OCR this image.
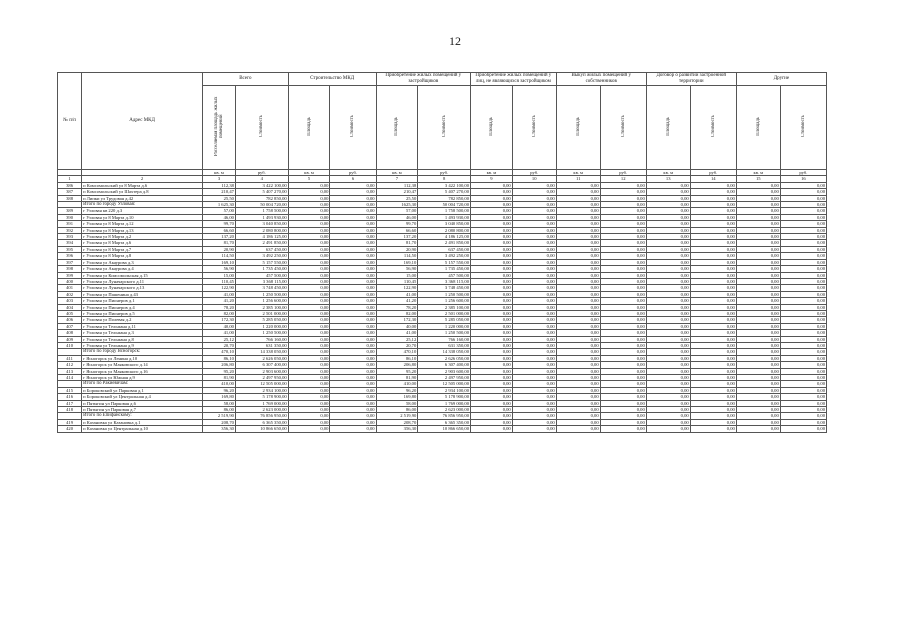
12
№ п/п	Адрес МКД	Всего		Строительство МКД		Приобретение жилых помещений у застройщиков		Приобретение жилых помещений у лиц, не являющихся застройщиком		Выкуп жилых помещений у собственников		Договор о развитии застроенной территории		Другие	
		Расселяемая площадь жилых помещений	Стоимость	Площадь	Стоимость	Площадь	Стоимость	Площадь	Стоимость	Площадь	Стоимость	Площадь	Стоимость	Площадь	Стоимость
		кв. м	руб.	кв. м	руб.	кв. м	руб.	кв. м	руб.	кв. м	руб.	кв. м	руб.	кв. м	руб.
1	2	3	4	5	6	7	8	9	10	11	12	13	14	15	16
386	п Комсомольский ул 8 Марта д.6	112,38	3 422 100,00	0,00	0,00	112,38	3 422 100,00	0,00	0,00	0,00	0,00	0,00	0,00	0,00	0,00
387	п Комсомольский ул Шахтера д.8	210,47	5 407 270,00	0,00	0,00	210,47	5 407 270,00	0,00	0,00	0,00	0,00	0,00	0,00	0,00	0,00
388	п Липки ул Трудовая д.42	25,50	782 850,00	0,00	0,00	25,50	782 850,00	0,00	0,00	0,00	0,00	0,00	0,00	0,00	0,00
	Итого по городу Узловая:	1 625,30	50 004 720,00	0,00	0,00	1625,30	50 004 720,00	0,00	0,00	0,00	0,00	0,00	0,00	0,00	0,00
389	г Узловая кв 220 д.3	57,00	1 758 500,00	0,00	0,00	57,00	1 758 500,00	0,00	0,00	0,00	0,00	0,00	0,00	0,00	0,00
390	г Узловая ул 8 Марта д.10	46,00	1 493 930,00	0,00	0,00	46,00	1 493 930,00	0,00	0,00	0,00	0,00	0,00	0,00	0,00	0,00
391	г Узловая ул 8 Марта д.12	99,70	3 040 850,00	0,00	0,00	99,70	3 040 850,00	0,00	0,00	0,00	0,00	0,00	0,00	0,00	0,00
392	г Узловая ул 8 Марта д.13	66,60	2 080 800,00	0,00	0,00	66,60	2 080 800,00	0,00	0,00	0,00	0,00	0,00	0,00	0,00	0,00
393	г Узловая ул 8 Марта д.2	137,20	4 186 125,00	0,00	0,00	137,20	4 186 125,00	0,00	0,00	0,00	0,00	0,00	0,00	0,00	0,00
394	г Узловая ул 8 Марта д.6	81,70	2 491 850,00	0,00	0,00	81,70	2 491 850,00	0,00	0,00	0,00	0,00	0,00	0,00	0,00	0,00
395	г Узловая ул 8 Марта д.7	20,90	637 450,00	0,00	0,00	20,90	637 450,00	0,00	0,00	0,00	0,00	0,00	0,00	0,00	0,00
396	г Узловая ул 8 Марта д.8	114,50	3 492 250,00	0,00	0,00	114,50	3 492 250,00	0,00	0,00	0,00	0,00	0,00	0,00	0,00	0,00
397	г Узловая ул Акаурова д.3	169,10	5 157 550,00	0,00	0,00	169,10	5 157 550,00	0,00	0,00	0,00	0,00	0,00	0,00	0,00	0,00
398	г Узловая ул Акаурова д.4	56,90	1 735 450,00	0,00	0,00	56,90	1 735 450,00	0,00	0,00	0,00	0,00	0,00	0,00	0,00	0,00
399	г Узловая ул Комсомольская д.15	15,00	457 500,00	0,00	0,00	15,00	457 500,00	0,00	0,00	0,00	0,00	0,00	0,00	0,00	0,00
400	г Узловая ул Луначарского д.11	110,45	3 368 115,00	0,00	0,00	110,45	3 368 115,00	0,00	0,00	0,00	0,00	0,00	0,00	0,00	0,00
401	г Узловая ул Луначарского д.13	122,90	3 748 450,00	0,00	0,00	122,90	3 748 450,00	0,00	0,00	0,00	0,00	0,00	0,00	0,00	0,00
402	г Узловая ул Пашенина д.43	41,00	1 250 500,00	0,00	0,00	41,00	1 250 500,00	0,00	0,00	0,00	0,00	0,00	0,00	0,00	0,00
403	г Узловая ул Пионеров д.1	41,20	1 256 600,00	0,00	0,00	41,20	1 256 600,00	0,00	0,00	0,00	0,00	0,00	0,00	0,00	0,00
404	г Узловая ул Пионеров д.4	78,20	2 385 100,00	0,00	0,00	78,20	2 385 100,00	0,00	0,00	0,00	0,00	0,00	0,00	0,00	0,00
405	г Узловая ул Пионеров д.5	82,00	2 501 000,00	0,00	0,00	82,00	2 501 000,00	0,00	0,00	0,00	0,00	0,00	0,00	0,00	0,00
406	г Узловая ул Полевая д.2	172,30	5 285 050,00	0,00	0,00	172,30	5 285 050,00	0,00	0,00	0,00	0,00	0,00	0,00	0,00	0,00
407	г Узловая ул Тельмана д.11	40,00	1 220 000,00	0,00	0,00	40,00	1 220 000,00	0,00	0,00	0,00	0,00	0,00	0,00	0,00	0,00
408	г Узловая ул Тельмана д.3	41,00	1 250 500,00	0,00	0,00	41,00	1 250 500,00	0,00	0,00	0,00	0,00	0,00	0,00	0,00	0,00
409	г Узловая ул Тельмана д.8	25,12	766 160,00	0,00	0,00	25,12	766 160,00	0,00	0,00	0,00	0,00	0,00	0,00	0,00	0,00
410	г Узловая ул Тельмана д.9	20,70	631 350,00	0,00	0,00	20,70	631 350,00	0,00	0,00	0,00	0,00	0,00	0,00	0,00	0,00
	Итого по городу Ясногорск:	470,10	14 338 050,00	0,00	0,00	470,10	14 338 050,00	0,00	0,00	0,00	0,00	0,00	0,00	0,00	0,00
411	г Ясногорск ул Ленина д.10	86,10	2 626 050,00	0,00	0,00	86,10	2 626 050,00	0,00	0,00	0,00	0,00	0,00	0,00	0,00	0,00
412	г Ясногорск ул Маяковского д.14	206,80	6 307 400,00	0,00	0,00	206,80	6 307 400,00	0,00	0,00	0,00	0,00	0,00	0,00	0,00	0,00
413	г Ясногорск ул Маяковского д.16	95,20	2 903 600,00	0,00	0,00	95,20	2 903 600,00	0,00	0,00	0,00	0,00	0,00	0,00	0,00	0,00
414	г Ясногорск ул Южная д.9	81,90	2 497 950,00	0,00	0,00	81,90	2 497 950,00	0,00	0,00	0,00	0,00	0,00	0,00	0,00	0,00
	Итого по Ракиевичам:	410,00	12 505 000,00	0,00	0,00	410,00	12 505 000,00	0,00	0,00	0,00	0,00	0,00	0,00	0,00	0,00
415	п Бороковский ул Парковая д.1	96,20	2 934 100,00	0,00	0,00	96,20	2 934 100,00	0,00	0,00	0,00	0,00	0,00	0,00	0,00	0,00
416	п Бороковский ул Центральная д.4	169,80	5 178 900,00	0,00	0,00	169,80	5 178 900,00	0,00	0,00	0,00	0,00	0,00	0,00	0,00	0,00
417	п Пятыгин ул Парковая д.6	58,00	1 769 000,00	0,00	0,00	58,00	1 769 000,00	0,00	0,00	0,00	0,00	0,00	0,00	0,00	0,00
418	п Пятыгин ул Парковая д.7	86,00	2 623 000,00	0,00	0,00	86,00	2 623 000,00	0,00	0,00	0,00	0,00	0,00	0,00	0,00	0,00
	Итого по Епифанскому:	2 519,90	76 856 950,00	0,00	0,00	2 519,90	76 856 950,00	0,00	0,00	0,00	0,00	0,00	0,00	0,00	0,00
419	п Казановка ул Казановка д.1	208,70	6 365 350,00	0,00	0,00	208,70	6 365 350,00	0,00	0,00	0,00	0,00	0,00	0,00	0,00	0,00
420	п Казановка ул Центральная д.10	356,30	10 866 650,00	0,00	0,00	356,30	10 866 650,00	0,00	0,00	0,00	0,00	0,00	0,00	0,00	0,00
